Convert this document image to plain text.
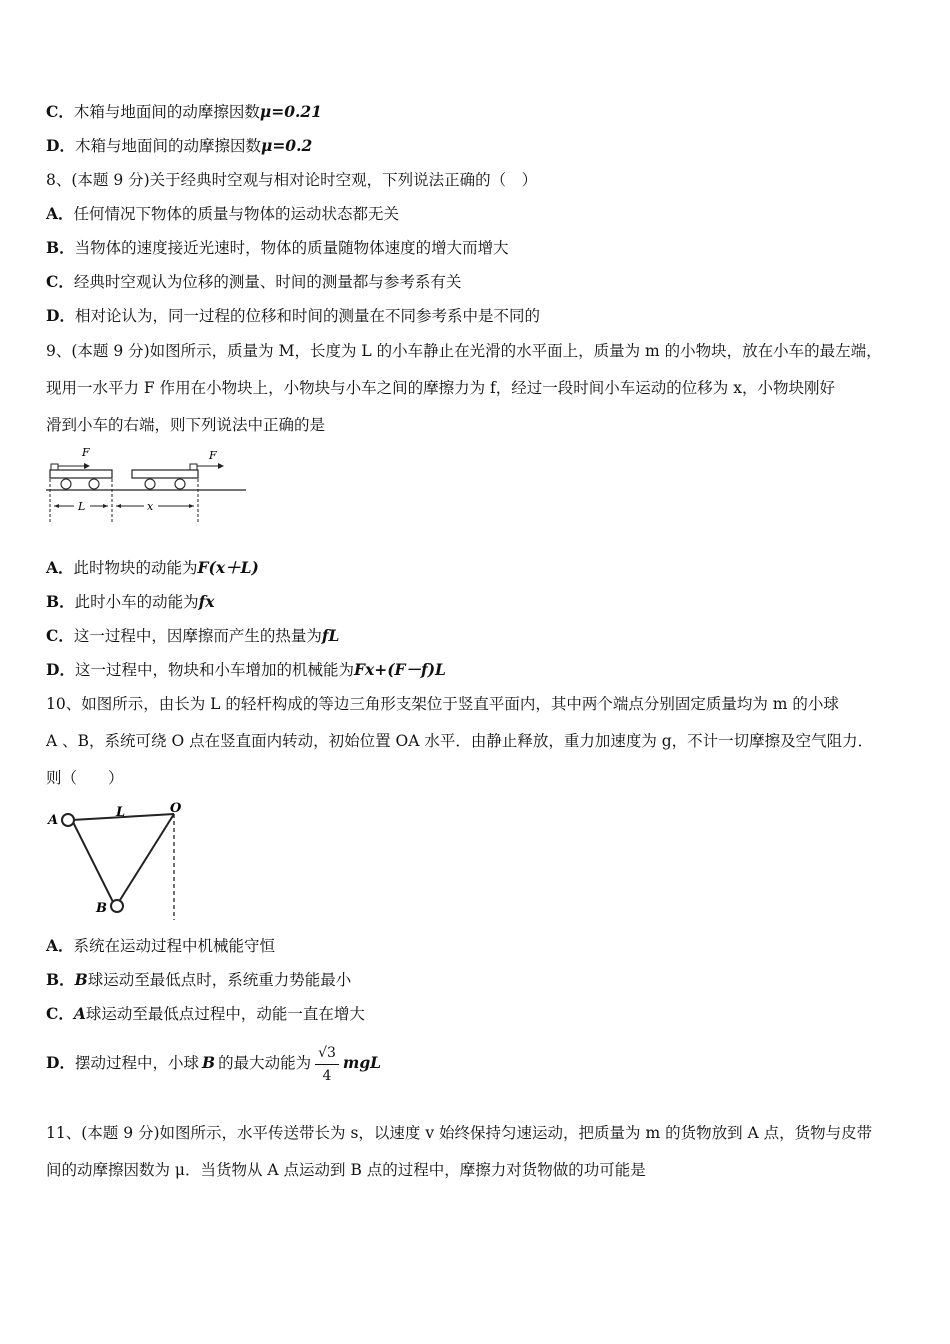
C．木箱与地面间的动摩擦因数μ=0.21
D．木箱与地面间的动摩擦因数μ=0.2
8、(本题 9 分)关于经典时空观与相对论时空观，下列说法正确的（　）
A．任何情况下物体的质量与物体的运动状态都无关
B．当物体的速度接近光速时，物体的质量随物体速度的增大而增大
C．经典时空观认为位移的测量、时间的测量都与参考系有关
D．相对论认为，同一过程的位移和时间的测量在不同参考系中是不同的
9、(本题 9 分)如图所示，质量为 M，长度为 L 的小车静止在光滑的水平面上，质量为 m 的小物块，放在小车的最左端，
现用一水平力 F 作用在小物块上，小物块与小车之间的摩擦力为 f，经过一段时间小车运动的位移为 x，小物块刚好
滑到小车的右端，则下列说法中正确的是
F	F
L	x
A．此时物块的动能为F(x＋L)
B．此时小车的动能为fx
C．这一过程中，因摩擦而产生的热量为fL
D．这一过程中，物块和小车增加的机械能为Fx+(F－f)L
10、如图所示，由长为 L 的轻杆构成的等边三角形支架位于竖直平面内，其中两个端点分别固定质量均为 m 的小球
A 、B，系统可绕 O 点在竖直面内转动，初始位置 OA 水平．由静止释放，重力加速度为 g，不计一切摩擦及空气阻力．
则（　　）
A
L	O
B
A．系统在运动过程中机械能守恒
B．B球运动至最低点时，系统重力势能最小
C．A球运动至最低点过程中，动能一直在增大
D．摆动过程中，小球 B 的最大动能为 $\frac{√3}{4}$ mgL
11、(本题 9 分)如图所示，水平传送带长为 s，以速度 v 始终保持匀速运动，把质量为 m 的货物放到 A 点，货物与皮带
间的动摩擦因数为 μ．当货物从 A 点运动到 B 点的过程中，摩擦力对货物做的功可能是
